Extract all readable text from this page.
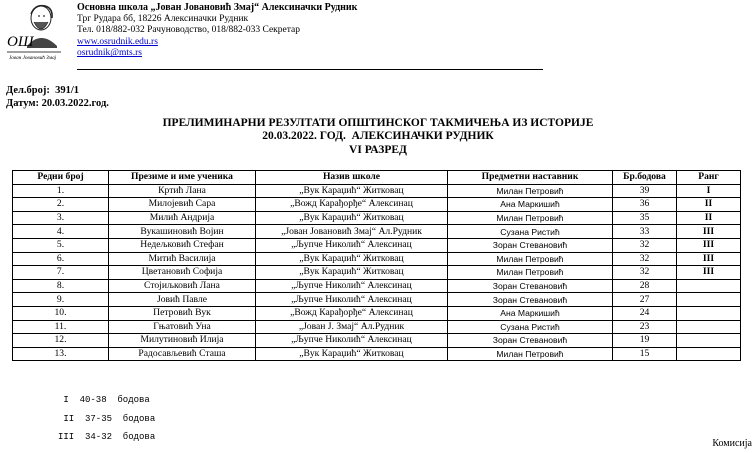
ОШ
Јован Јовановић Змај
Основна школа „Јован Јовановић Змај“ Алексиначки Рудник
Трг Рудара бб, 18226 Алексиначки Рудник
Тел. 018/882-032 Рачуноводство, 018/882-033 Секретар
www.osrudnik.edu.rs
osrudnik@mts.rs
Дел.број: 391/1
Датум: 20.03.2022.год.
ПРЕЛИМИНАРНИ РЕЗУЛТАТИ ОПШТИНСКОГ ТАКМИЧЕЊА ИЗ ИСТОРИЈЕ
20.03.2022. ГОД.  АЛЕКСИНАЧКИ РУДНИК
VI РАЗРЕД
Редни број	Презиме и име ученика	Назив школе	Предметни наставник	Бр.бодова	Ранг
1.	Кртић Лана	„Вук Караџић“ Житковац	Милан Петровић	39	I
2.	Милојевић Сара	„Вожд Карађорђе“ Алексинац	Ана Маркишић	36	II
3.	Милић Андрија	„Вук Караџић“ Житковац	Милан Петровић	35	II
4.	Вукашиновић Војин	„Јован Јовановић Змај“ Ал.Рудник	Сузана Ристић	33	III
5.	Недељковић Стефан	„Љупче Николић“ Алексинац	Зоран Стевановић	32	III
6.	Митић Василија	„Вук Караџић“ Житковац	Милан Петровић	32	III
7.	Цветановић Софија	„Вук Караџић“ Житковац	Милан Петровић	32	III
8.	Стојиљковић Лана	„Љупче Николић“ Алексинац	Зоран Стевановић	28	
9.	Јовић Павле	„Љупче Николић“ Алексинац	Зоран Стевановић	27	
10.	Петровић Вук	„Вожд Карађорђе“ Алексинац	Ана Маркишић	24	
11.	Гњатовић Уна	„Јован Ј. Змај“ Ал.Рудник	Сузана Ристић	23	
12.	Милутиновић Илија	„Љупче Николић“ Алексинац	Зоран Стевановић	19	
13.	Радосављевић Сташа	„Вук Караџић“ Житковац	Милан Петровић	15	
I  40-38  бодова
II  37-35  бодова
III  34-32  бодова
Комисија
